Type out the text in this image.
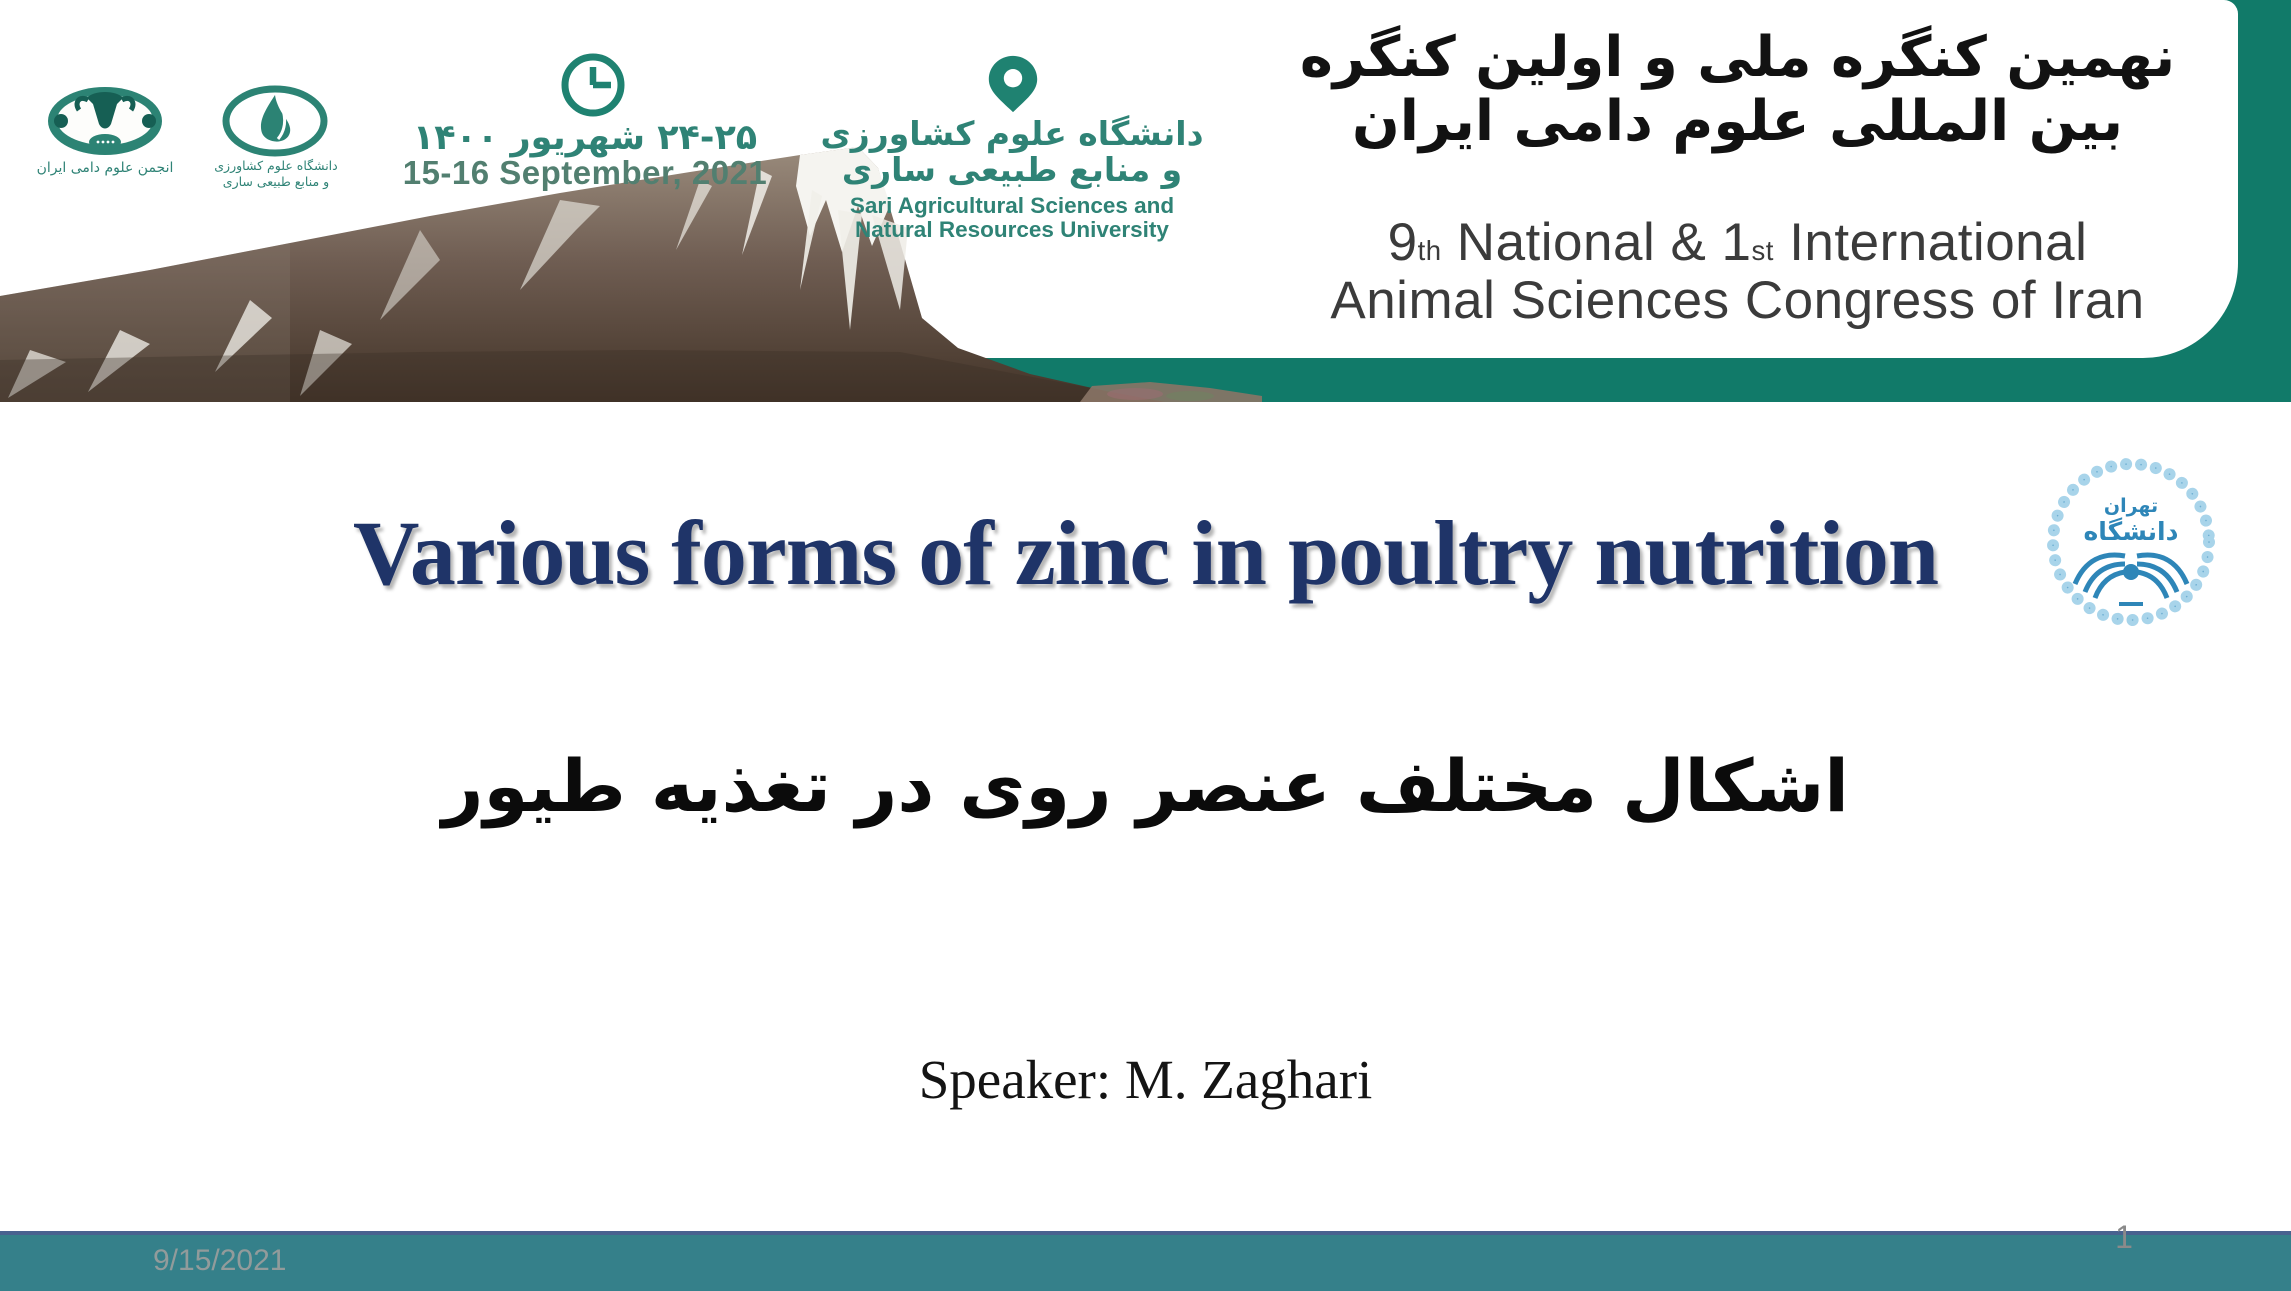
انجمن علوم دامی ایران	دانشگاه علوم کشاورزی
و منابع طبیعی ساری
۲۴-۲۵ شهریور ۱۴۰۰
15-16 September, 2021
دانشگاه علوم کشاورزی
و منابع طبیعی ساری
Sari Agricultural Sciences and
Natural Resources University
نهمین کنگره ملی و اولین کنگره
بین المللی علوم دامی ایران
9th National & 1st International
Animal Sciences Congress of Iran
Various forms of zinc in poultry nutrition	تهران
دانشگاه
اشکال مختلف عنصر روی در تغذیه طیور
Speaker: M. Zaghari
9/15/2021
1
